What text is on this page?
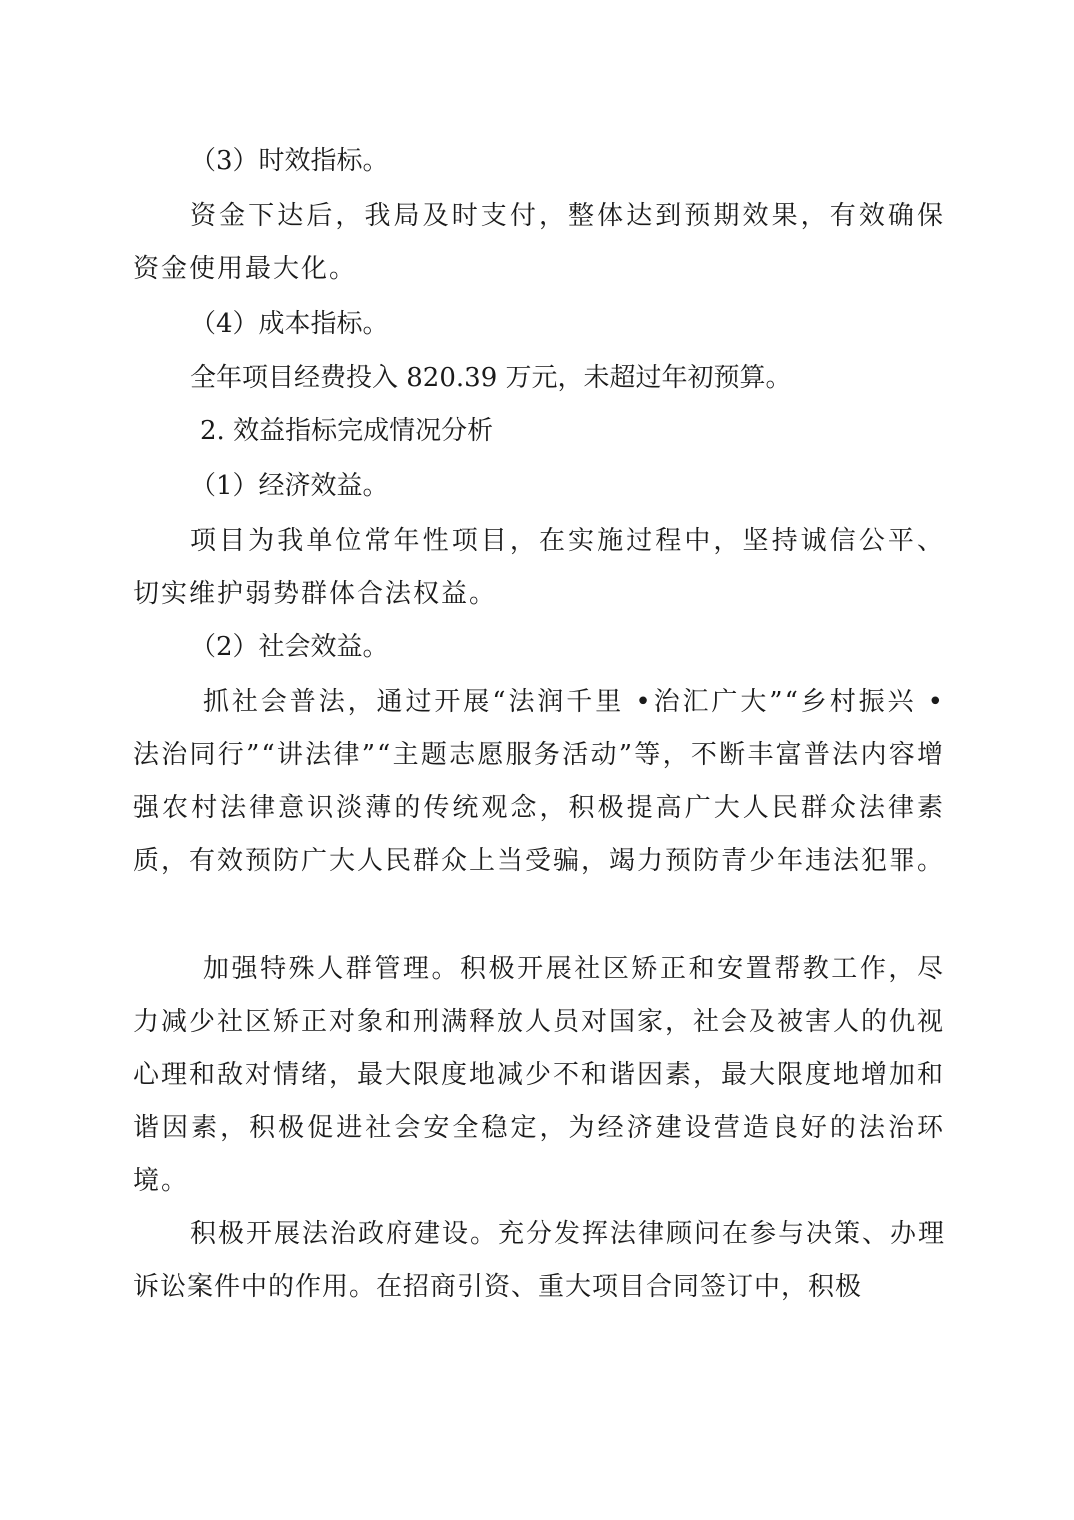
（3）时效指标。
资金下达后，我局及时支付，整体达到预期效果，有效确保资金使用最大化。
（4）成本指标。
全年项目经费投入 820.39 万元，未超过年初预算。
2. 效益指标完成情况分析
（1）经济效益。
项目为我单位常年性项目，在实施过程中，坚持诚信公平、切实维护弱势群体合法权益。
（2）社会效益。
抓社会普法，通过开展“法润千里 •治汇广大”“乡村振兴 •法治同行”“讲法律”“主题志愿服务活动”等，不断丰富普法内容增强农村法律意识淡薄的传统观念，积极提高广大人民群众法律素质，有效预防广大人民群众上当受骗，竭力预防青少年违法犯罪。
加强特殊人群管理。积极开展社区矫正和安置帮教工作，尽力减少社区矫正对象和刑满释放人员对国家，社会及被害人的仇视心理和敌对情绪，最大限度地减少不和谐因素，最大限度地增加和谐因素，积极促进社会安全稳定，为经济建设营造良好的法治环境。
积极开展法治政府建设。充分发挥法律顾问在参与决策、办理诉讼案件中的作用。在招商引资、重大项目合同签订中，积极
